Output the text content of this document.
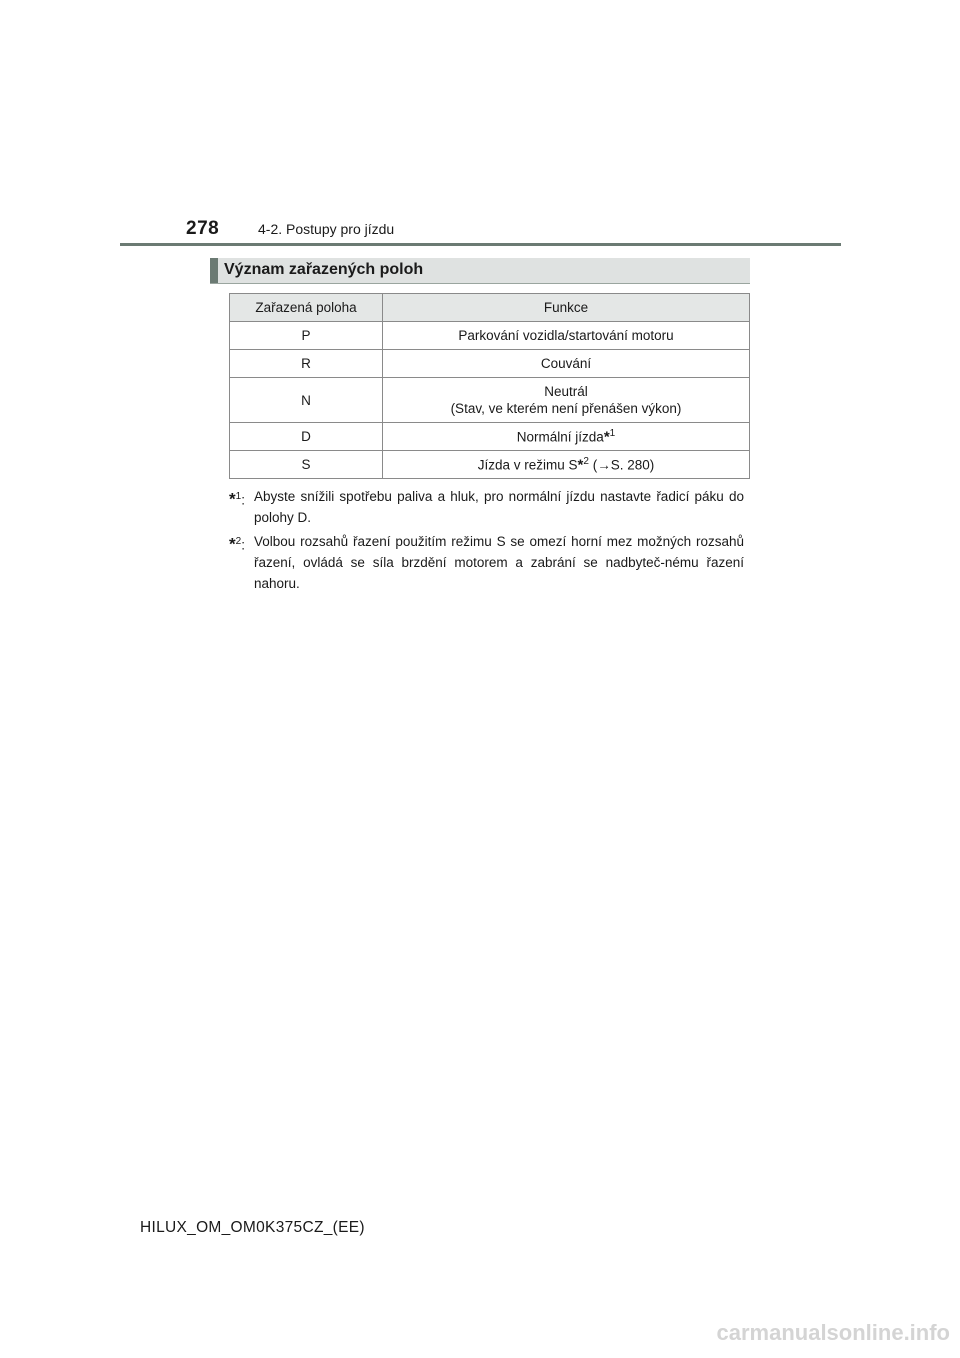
278	4-2. Postupy pro jízdu
Význam zařazených poloh
Zařazená poloha	Funkce
P	Parkování vozidla/startování motoru
R	Couvání
N	Neutrál
(Stav, ve kterém není přenášen výkon)

D	Normální jízda*$^1$
S	Jízda v režimu S*$^2$ (→S. 280)
*$^1$: Abyste snížili spotřebu paliva a hluk, pro normální jízdu nastavte řadicí páku do polohy D.
*$^2$: Volbou rozsahů řazení použitím režimu S se omezí horní mez možných rozsahů řazení, ovládá se síla brzdění motorem a zabrání se nadbyteč-nému řazení nahoru.
HILUX_OM_OM0K375CZ_(EE)
carmanualsonline.info
